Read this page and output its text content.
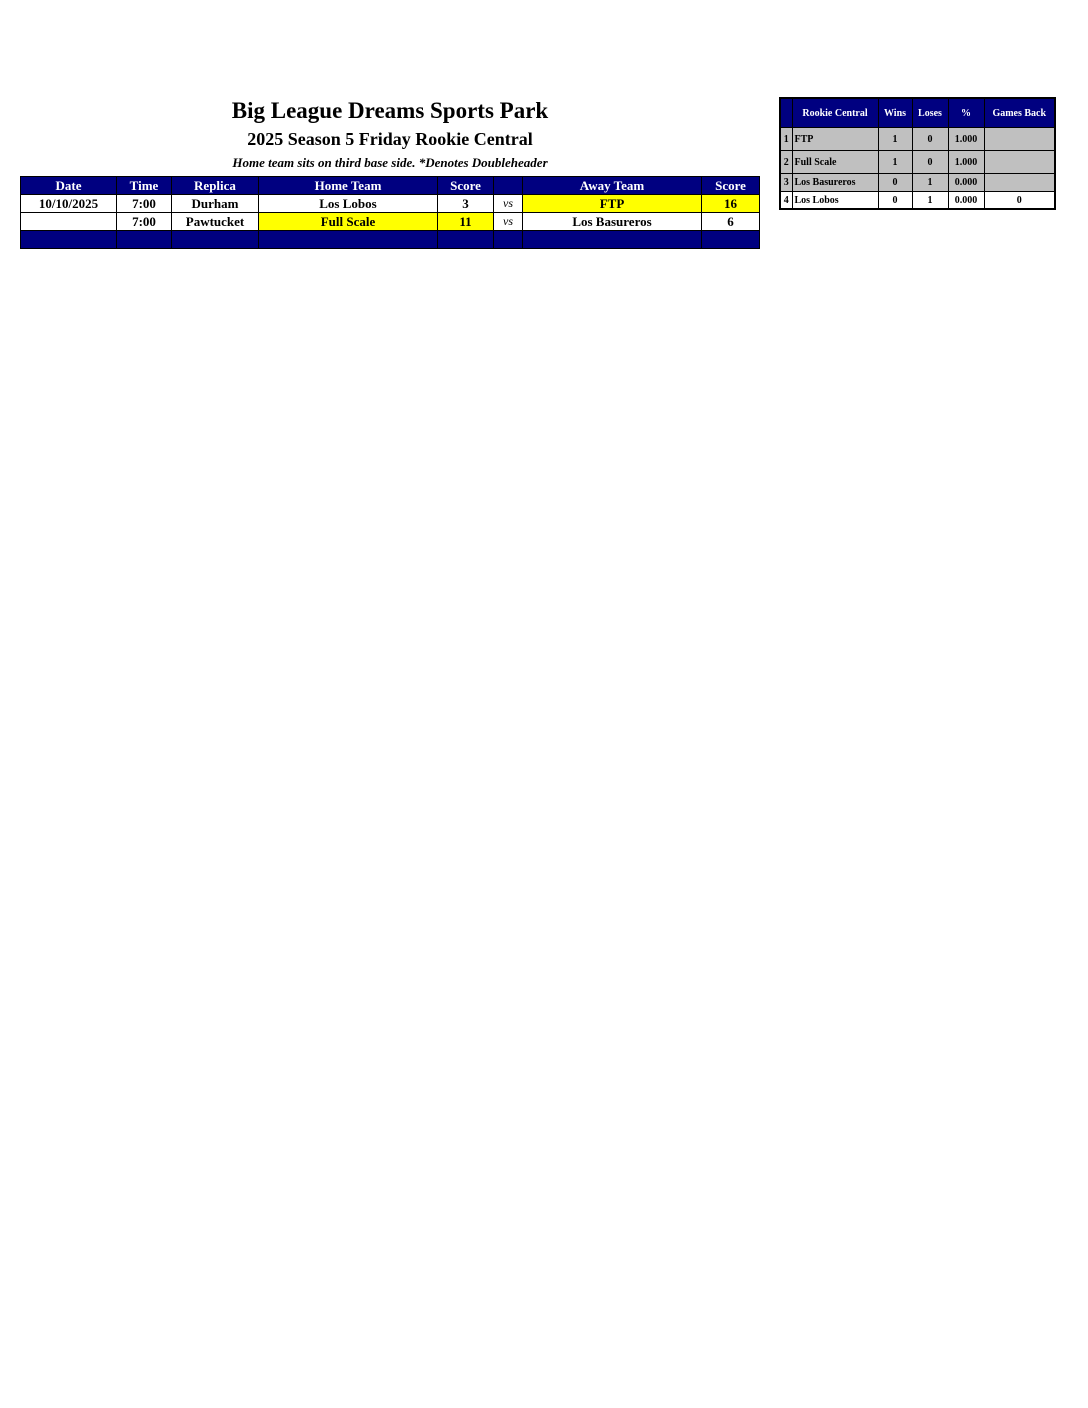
Big League Dreams Sports Park
2025 Season 5 Friday Rookie Central
Home team sits on third base side. *Denotes Doubleheader
Date	Time	Replica	Home Team	Score		Away Team	Score
10/10/2025	7:00	Durham	Los Lobos	3	vs	FTP	16
	7:00	Pawtucket	Full Scale	11	vs	Los Basureros	6

	Rookie Central	Wins	Loses	%	Games Back
1	FTP	1	0	1.000	
2	Full Scale	1	0	1.000	
3	Los Basureros	0	1	0.000	
4	Los Lobos	0	1	0.000	0
